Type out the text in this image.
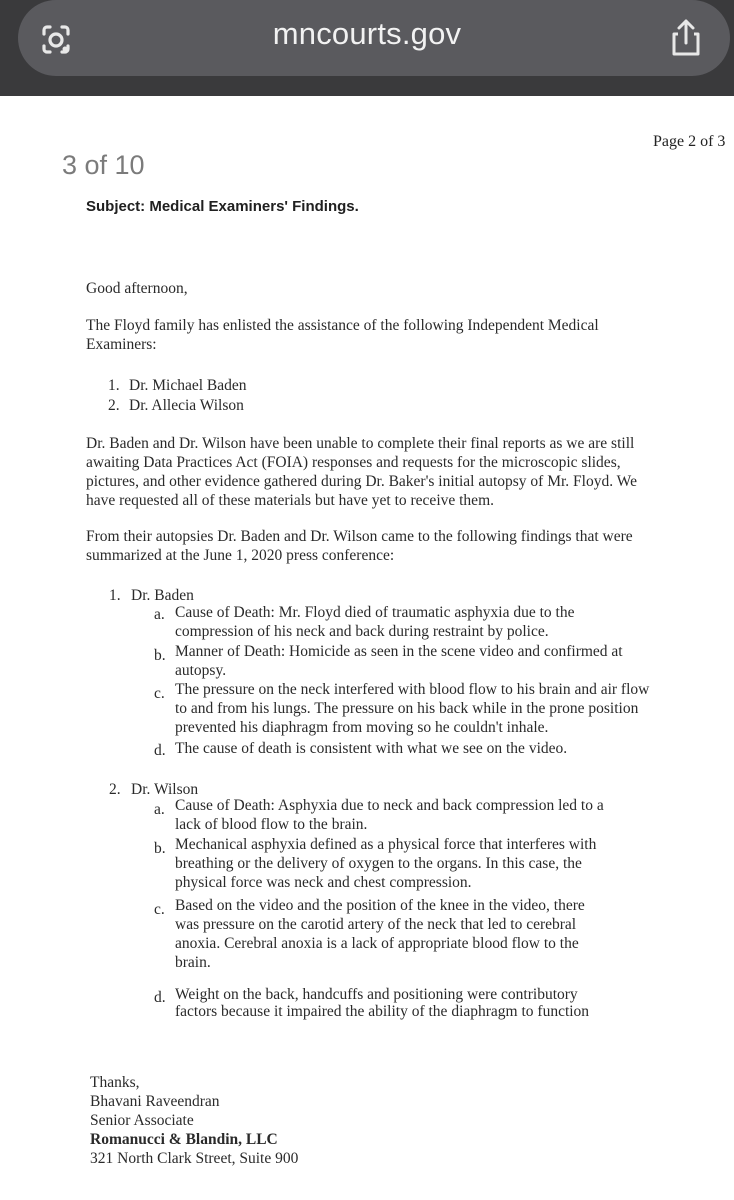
mncourts.gov
3 of 10
Page 2 of 3
Subject: Medical Examiners' Findings.
Good afternoon,
The Floyd family has enlisted the assistance of the following Independent Medical
Examiners:
1. Dr. Michael Baden
2. Dr. Allecia Wilson
Dr. Baden and Dr. Wilson have been unable to complete their final reports as we are still
awaiting Data Practices Act (FOIA) responses and requests for the microscopic slides,
pictures, and other evidence gathered during Dr. Baker's initial autopsy of Mr. Floyd. We
have requested all of these materials but have yet to receive them.
From their autopsies Dr. Baden and Dr. Wilson came to the following findings that were
summarized at the June 1, 2020 press conference:
1. Dr. Baden
a. Cause of Death: Mr. Floyd died of traumatic asphyxia due to the
compression of his neck and back during restraint by police.
b. Manner of Death: Homicide as seen in the scene video and confirmed at
autopsy.
c. The pressure on the neck interfered with blood flow to his brain and air flow
to and from his lungs. The pressure on his back while in the prone position
prevented his diaphragm from moving so he couldn't inhale.
d. The cause of death is consistent with what we see on the video.
2. Dr. Wilson
a. Cause of Death: Asphyxia due to neck and back compression led to a
lack of blood flow to the brain.
b. Mechanical asphyxia defined as a physical force that interferes with
breathing or the delivery of oxygen to the organs. In this case, the
physical force was neck and chest compression.
c. Based on the video and the position of the knee in the video, there
was pressure on the carotid artery of the neck that led to cerebral
anoxia. Cerebral anoxia is a lack of appropriate blood flow to the
brain.
d. Weight on the back, handcuffs and positioning were contributory
factors because it impaired the ability of the diaphragm to function
Thanks,
Bhavani Raveendran
Senior Associate
Romanucci & Blandin, LLC
321 North Clark Street, Suite 900
